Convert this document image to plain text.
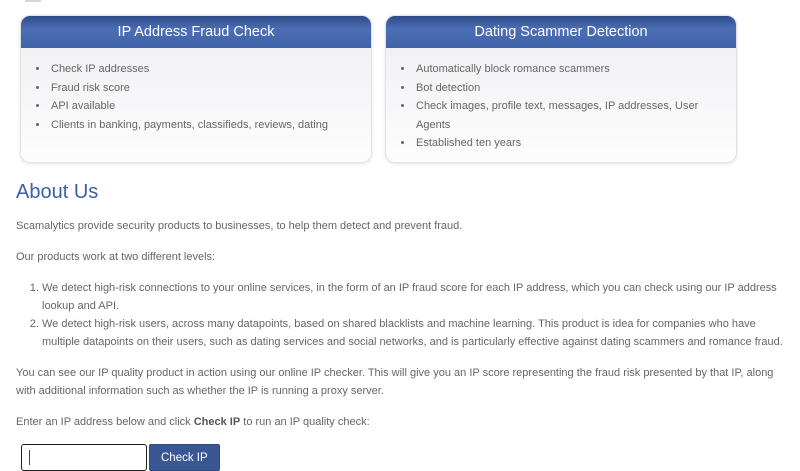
IP Address Fraud Check
• Check IP addresses
• Fraud risk score
• API available
• Clients in banking, payments, classifieds, reviews, dating
Dating Scammer Detection
• Automatically block romance scammers
• Bot detection
• Check images, profile text, messages, IP addresses, User Agents
• Established ten years
About Us

Scamalytics provide security products to businesses, to help them detect and prevent fraud.

Our products work at two different levels:

1. We detect high-risk connections to your online services, in the form of an IP fraud score for each IP address, which you can check using our IP address lookup and API.
2. We detect high-risk users, across many datapoints, based on shared blacklists and machine learning. This product is idea for companies who have multiple datapoints on their users, such as dating services and social networks, and is particularly effective against dating scammers and romance fraud.

You can see our IP quality product in action using our online IP checker. This will give you an IP score representing the fraud risk presented by that IP, along with additional information such as whether the IP is running a proxy server.

Enter an IP address below and click Check IP to run an IP quality check:

Check IP
